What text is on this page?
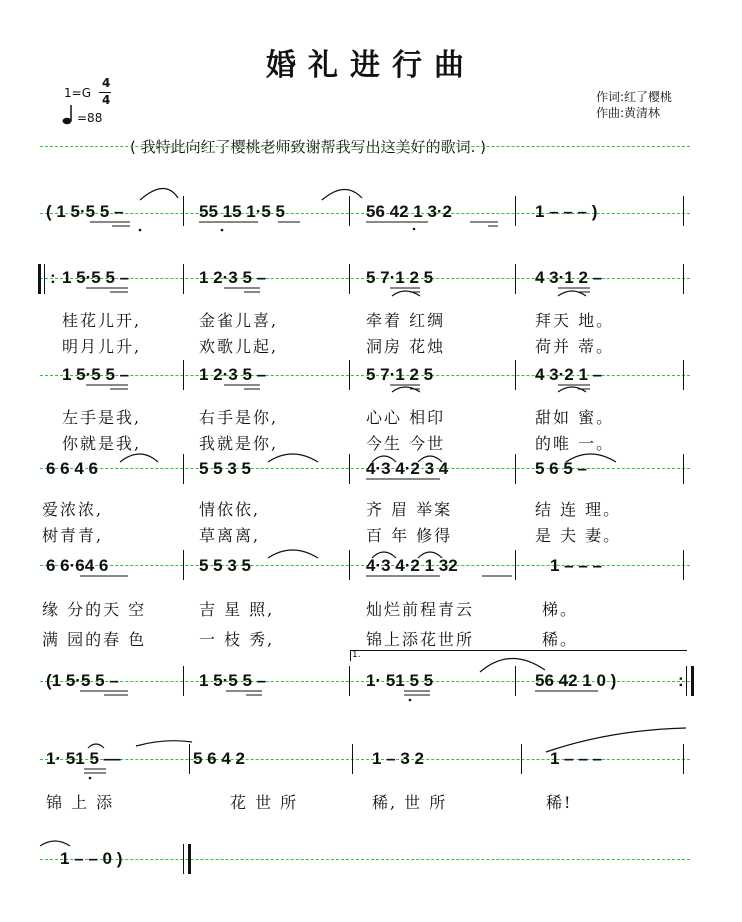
婚礼进行曲
1=G
4
4
=88
作词:红了樱桃
作曲:黄清林
( 我特此向红了樱桃老师致谢帮我写出这美好的歌词. )
( 1 5·5 5 –	55 15 1·5 5	56 42 1 3·2	1 – – – )
: 1 5·5 5 –	1 2·3 5 –	5 7·1 2 5	4 3·1 2 –
桂花儿开,	金雀儿喜,	牵着 红绸	拜天 地。
明月儿升,	欢歌儿起,	洞房 花烛	荷并 蒂。
1 5·5 5 –	1 2·3 5 –	5 7·1 2 5	4 3·2 1 –
左手是我,	右手是你,	心心 相印	甜如 蜜。
你就是我,	我就是你,	今生 今世	的唯 一。
6 6 4 6	5 5 3 5	4·3 4·2 3 4	5 6 5 –
爱浓浓,	情依依,	齐 眉 举案	结 连 理。
树青青,	草离离,	百 年 修得	是 夫 妻。
6 6·64 6	5 5 3 5	4·3 4·2 1 32	1 – – –
缘 分的天 空	吉 星 照,	灿烂前程青云	梯。
满 园的春 色	一 枝 秀,	锦上添花世所	稀。
1.
(1 5·5 5 –	1 5·5 5 –	1· 51 5 5	56 42 1 0 )	:
1· 51 5 —	5 6 4 2	1 – 3 2	1 – – –
锦 上 添	花 世 所	稀, 世 所	稀!
1 – – 0 )
